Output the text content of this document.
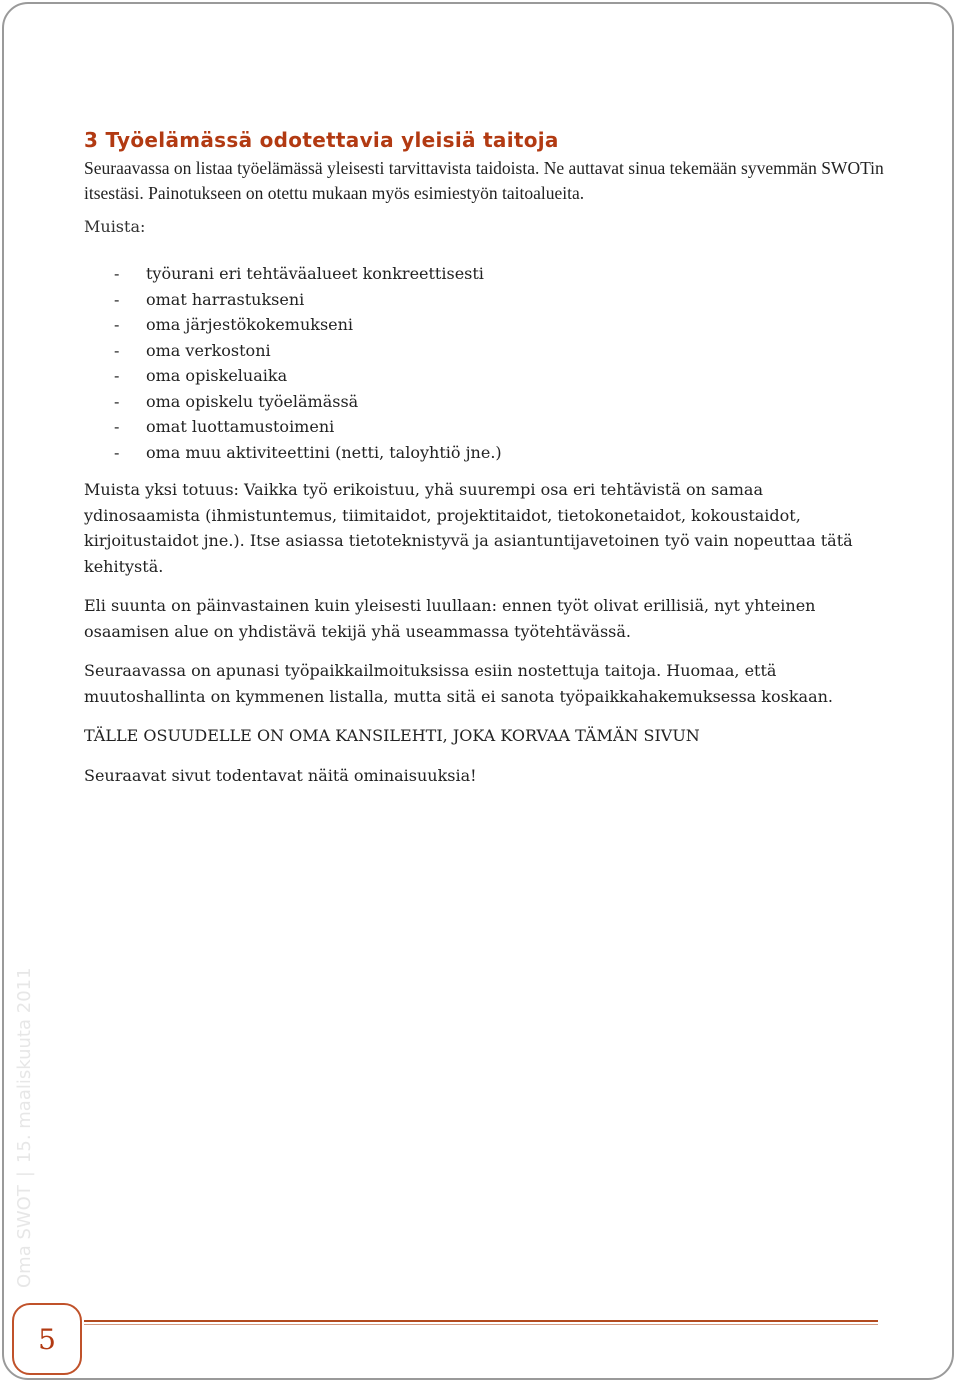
3 Työelämässä odotettavia yleisiä taitoja

Seuraavassa on listaa työelämässä yleisesti tarvittavista taidoista. Ne auttavat sinua tekemään syvemmän SWOTin itsestäsi. Painotukseen on otettu mukaan myös esimiestyön taitoalueita.

Muista:

- työurani eri tehtäväalueet konkreettisesti
- omat harrastukseni
- oma järjestökokemukseni
- oma verkostoni
- oma opiskeluaika
- oma opiskelu työelämässä
- omat luottamustoimeni
- oma muu aktiviteettini (netti, taloyhtiö jne.)

Muista yksi totuus: Vaikka työ erikoistuu, yhä suurempi osa eri tehtävistä on samaa ydinosaamista (ihmistuntemus, tiimitaidot, projektitaidot, tietokonetaidot, kokoustaidot, kirjoitustaidot jne.). Itse asiassa tietoteknistyvä ja asiantuntijavetoinen työ vain nopeuttaa tätä kehitystä.

Eli suunta on päinvastainen kuin yleisesti luullaan: ennen työt olivat erillisiä, nyt yhteinen osaamisen alue on yhdistävä tekijä yhä useammassa työtehtävässä.

Seuraavassa on apunasi työpaikkailmoituksissa esiin nostettuja taitoja. Huomaa, että muutoshallinta on kymmenen listalla, mutta sitä ei sanota työpaikkahakemuksessa koskaan.

TÄLLE OSUUDELLE ON OMA KANSILEHTI, JOKA KORVAA TÄMÄN SIVUN

Seuraavat sivut todentavat näitä ominaisuuksia!

Oma SWOT|15. maaliskuuta 2011
5
